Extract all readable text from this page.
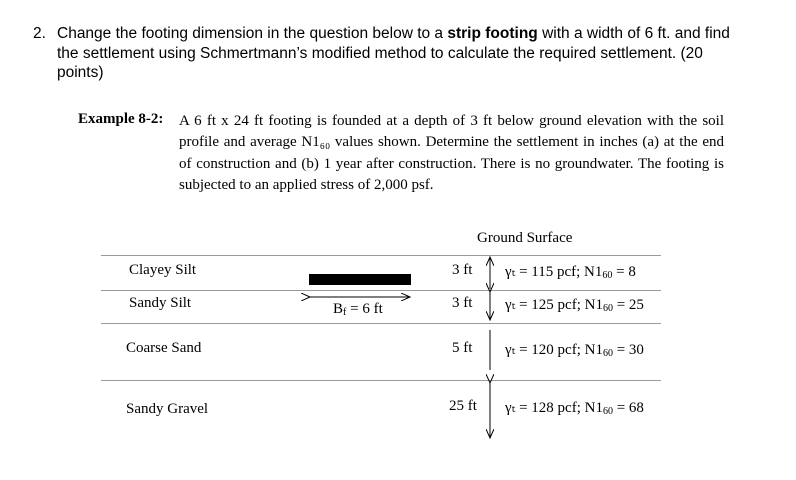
2. Change the footing dimension in the question below to a strip footing with a width of 6 ft. and find the settlement using Schmertmann’s modified method to calculate the required settlement. (20 points)
Example 8-2: A 6 ft x 24 ft footing is founded at a depth of 3 ft below ground elevation with the soil profile and average N1₆₀ values shown. Determine the settlement in inches (a) at the end of construction and (b) 1 year after construction. There is no groundwater. The footing is subjected to an applied stress of 2,000 psf.
Ground Surface
Clayey Silt	3 ft γₜ = 115 pcf; $N1_{60} = 8$
Sandy Silt	3 ft γₜ = 125 pcf; $N1_{60} = 25$
Coarse Sand	5 ft γₜ = 120 pcf; $N1_{60} = 30$
Sandy Gravel	25 ft γₜ = 128 pcf; $N1_{60} = 68$
$B_f = 6$ ft
